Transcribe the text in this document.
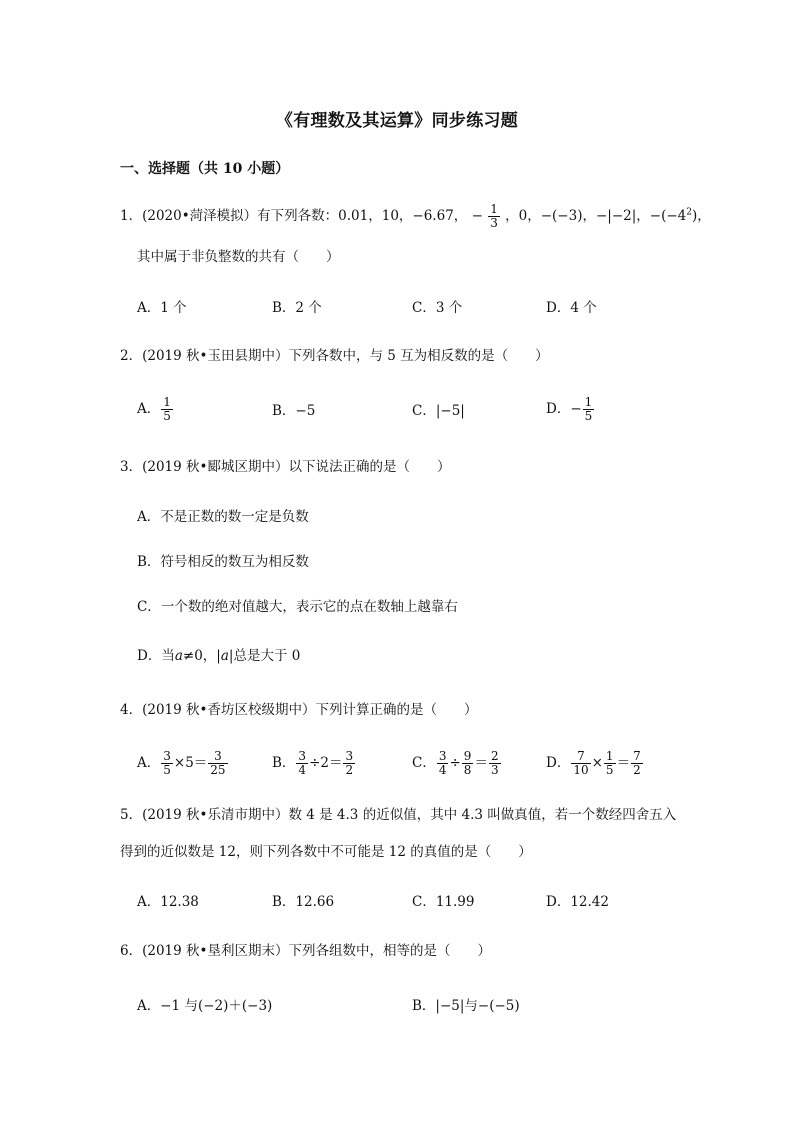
《有理数及其运算》同步练习题
一、选择题（共 10 小题）
1．(2020•菏泽模拟）有下列各数：0.01，10，−6.67， − $\frac{1}{3}$ ，0，−(−3)，−|−2|，$-(-4^2)$，
其中属于非负整数的共有（　　）
A．1 个	B．2 个	C．3 个	D．4 个
2．(2019 秋•玉田县期中）下列各数中，与 5 互为相反数的是（　　）
A． $\frac{1}{5}$	B．−5	C．|−5|	D．− $\frac{1}{5}$
3．(2019 秋•郾城区期中）以下说法正确的是（　　）
A．不是正数的数一定是负数
B．符号相反的数互为相反数
C．一个数的绝对值越大，表示它的点在数轴上越靠右
D．当a≠0，|a|总是大于 0
4．(2019 秋•香坊区校级期中）下列计算正确的是（　　）
A． $\frac{3}{5} \times 5= \frac{3}{25}$	B． $\frac{3}{4} \div 2= \frac{3}{2}$	C． $\frac{3}{4} \div \frac{9}{8} = \frac{2}{3}$	D． $\frac{7}{10} \times \frac{1}{5} = \frac{7}{2}$
5．(2019 秋•乐清市期中）数 4 是 4.3 的近似值，其中 4.3 叫做真值，若一个数经四舍五入
得到的近似数是 12，则下列各数中不可能是 12 的真值的是（　　）
A．12.38	B．12.66	C．11.99	D．12.42
6．(2019 秋•垦利区期末）下列各组数中，相等的是（　　）
A．−1 与(−2)＋(−3)	B．|−5|与−(−5)
